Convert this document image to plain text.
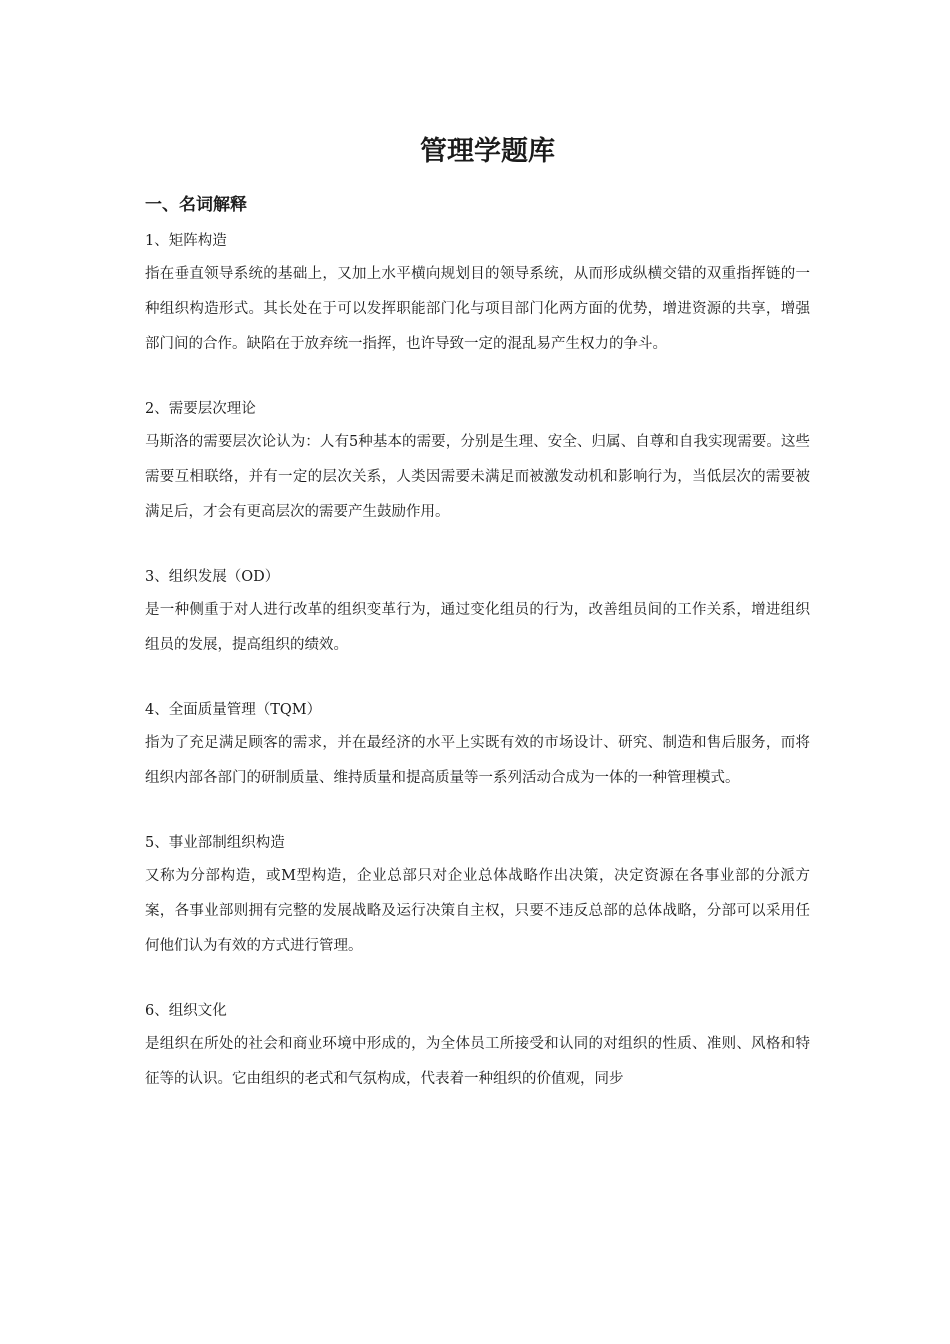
管理学题库
一、名词解释

1、矩阵构造

指在垂直领导系统的基础上，又加上水平横向规划目的领导系统，从而形成纵横交错的双重指挥链的一种组织构造形式。其长处在于可以发挥职能部门化与项目部门化两方面的优势，增进资源的共享，增强部门间的合作。缺陷在于放弃统一指挥，也许导致一定的混乱易产生权力的争斗。

2、需要层次理论

马斯洛的需要层次论认为：人有5种基本的需要，分别是生理、安全、归属、自尊和自我实现需要。这些需要互相联络，并有一定的层次关系，人类因需要未满足而被激发动机和影响行为，当低层次的需要被满足后，才会有更高层次的需要产生鼓励作用。

3、组织发展（OD）

是一种侧重于对人进行改革的组织变革行为，通过变化组员的行为，改善组员间的工作关系，增进组织组员的发展，提高组织的绩效。

4、全面质量管理（TQM）

指为了充足满足顾客的需求，并在最经济的水平上实既有效的市场设计、研究、制造和售后服务，而将组织内部各部门的研制质量、维持质量和提高质量等一系列活动合成为一体的一种管理模式。

5、事业部制组织构造

又称为分部构造，或M型构造，企业总部只对企业总体战略作出决策，决定资源在各事业部的分派方案，各事业部则拥有完整的发展战略及运行决策自主权，只要不违反总部的总体战略，分部可以采用任何他们认为有效的方式进行管理。

6、组织文化

是组织在所处的社会和商业环境中形成的，为全体员工所接受和认同的对组织的性质、准则、风格和特征等的认识。它由组织的老式和气氛构成，代表着一种组织的价值观，同步
